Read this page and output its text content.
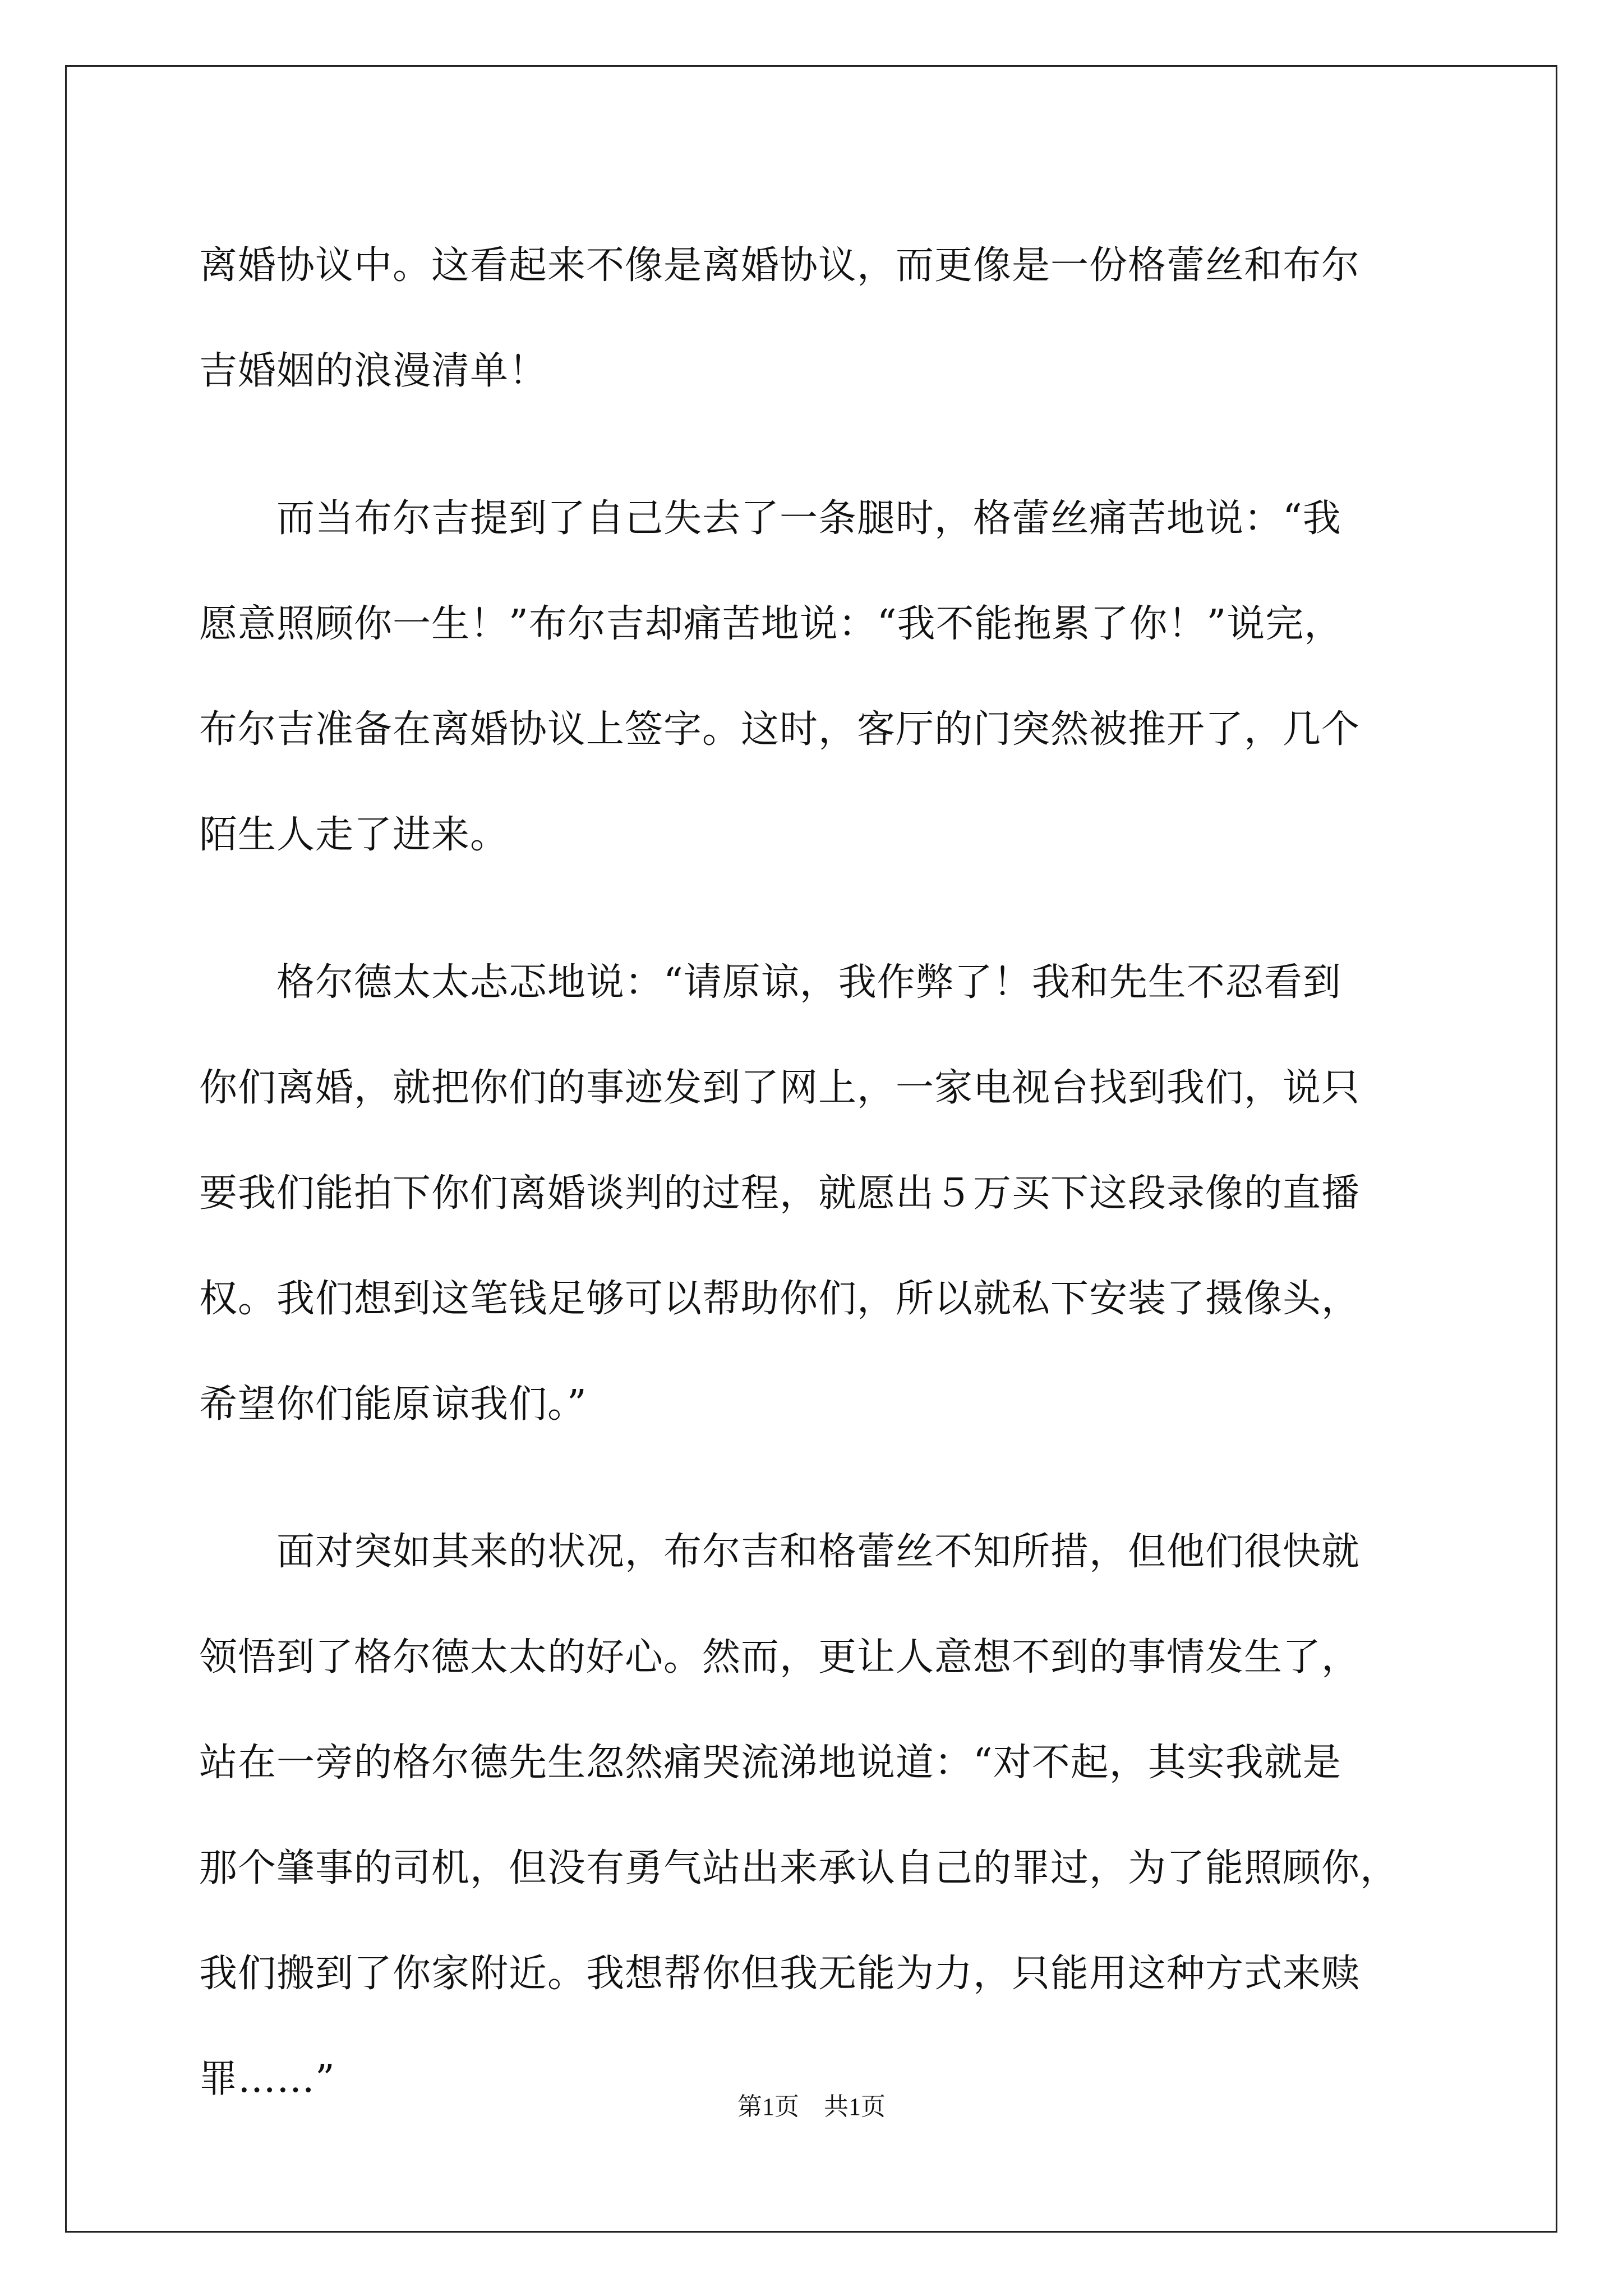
离婚协议中。这看起来不像是离婚协议，而更像是一份格蕾丝和布尔
吉婚姻的浪漫清单！
　　而当布尔吉提到了自己失去了一条腿时，格蕾丝痛苦地说：“我
愿意照顾你一生！”布尔吉却痛苦地说：“我不能拖累了你！”说完，
布尔吉准备在离婚协议上签字。这时，客厅的门突然被推开了，几个
陌生人走了进来。
　　格尔德太太忐忑地说：“请原谅，我作弊了！我和先生不忍看到
你们离婚，就把你们的事迹发到了网上，一家电视台找到我们，说只
要我们能拍下你们离婚谈判的过程，就愿出５万买下这段录像的直播
权。我们想到这笔钱足够可以帮助你们，所以就私下安装了摄像头，
希望你们能原谅我们。”
　　面对突如其来的状况，布尔吉和格蕾丝不知所措，但他们很快就
领悟到了格尔德太太的好心。然而，更让人意想不到的事情发生了，
站在一旁的格尔德先生忽然痛哭流涕地说道：“对不起，其实我就是
那个肇事的司机，但没有勇气站出来承认自己的罪过，为了能照顾你，
我们搬到了你家附近。我想帮你但我无能为力，只能用这种方式来赎
罪……”
第1页　共1页
